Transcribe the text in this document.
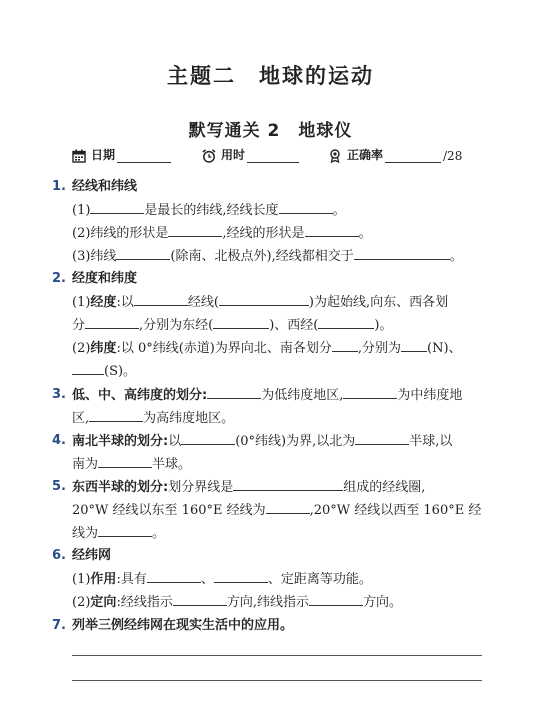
主题二　地球的运动
默写通关 2　地球仪
日期	用时	正确率	/28
1. 经线和纬线
(1)	是最长的纬线,经线长度	。
(2)纬线的形状是	,经线的形状是	。
(3)纬线	(除南、北极点外),经线都相交于	。
2. 经度和纬度
(1)经度:以	经线(	)为起始线,向东、西各划
分	,分别为东经(	)、西经(	)。
(2)纬度:以 0°纬线(赤道)为界向北、南各划分 ,分别为 (N)、
(S)。
3. 低、中、高纬度的划分:	为低纬度地区,	为中纬度地
区,	为高纬度地区。
4. 南北半球的划分:以	(0°纬线)为界,以北为	半球,以
南为	半球。
5. 东西半球的划分:划分界线是	组成的经线圈,
20°W 经线以东至 160°E 经线为	,20°W 经线以西至 160°E 经
线为	。
6. 经纬网
(1)作用:具有	、	、定距离等功能。
(2)定向:经线指示	方向,纬线指示	方向。
7. 列举三例经纬网在现实生活中的应用。
